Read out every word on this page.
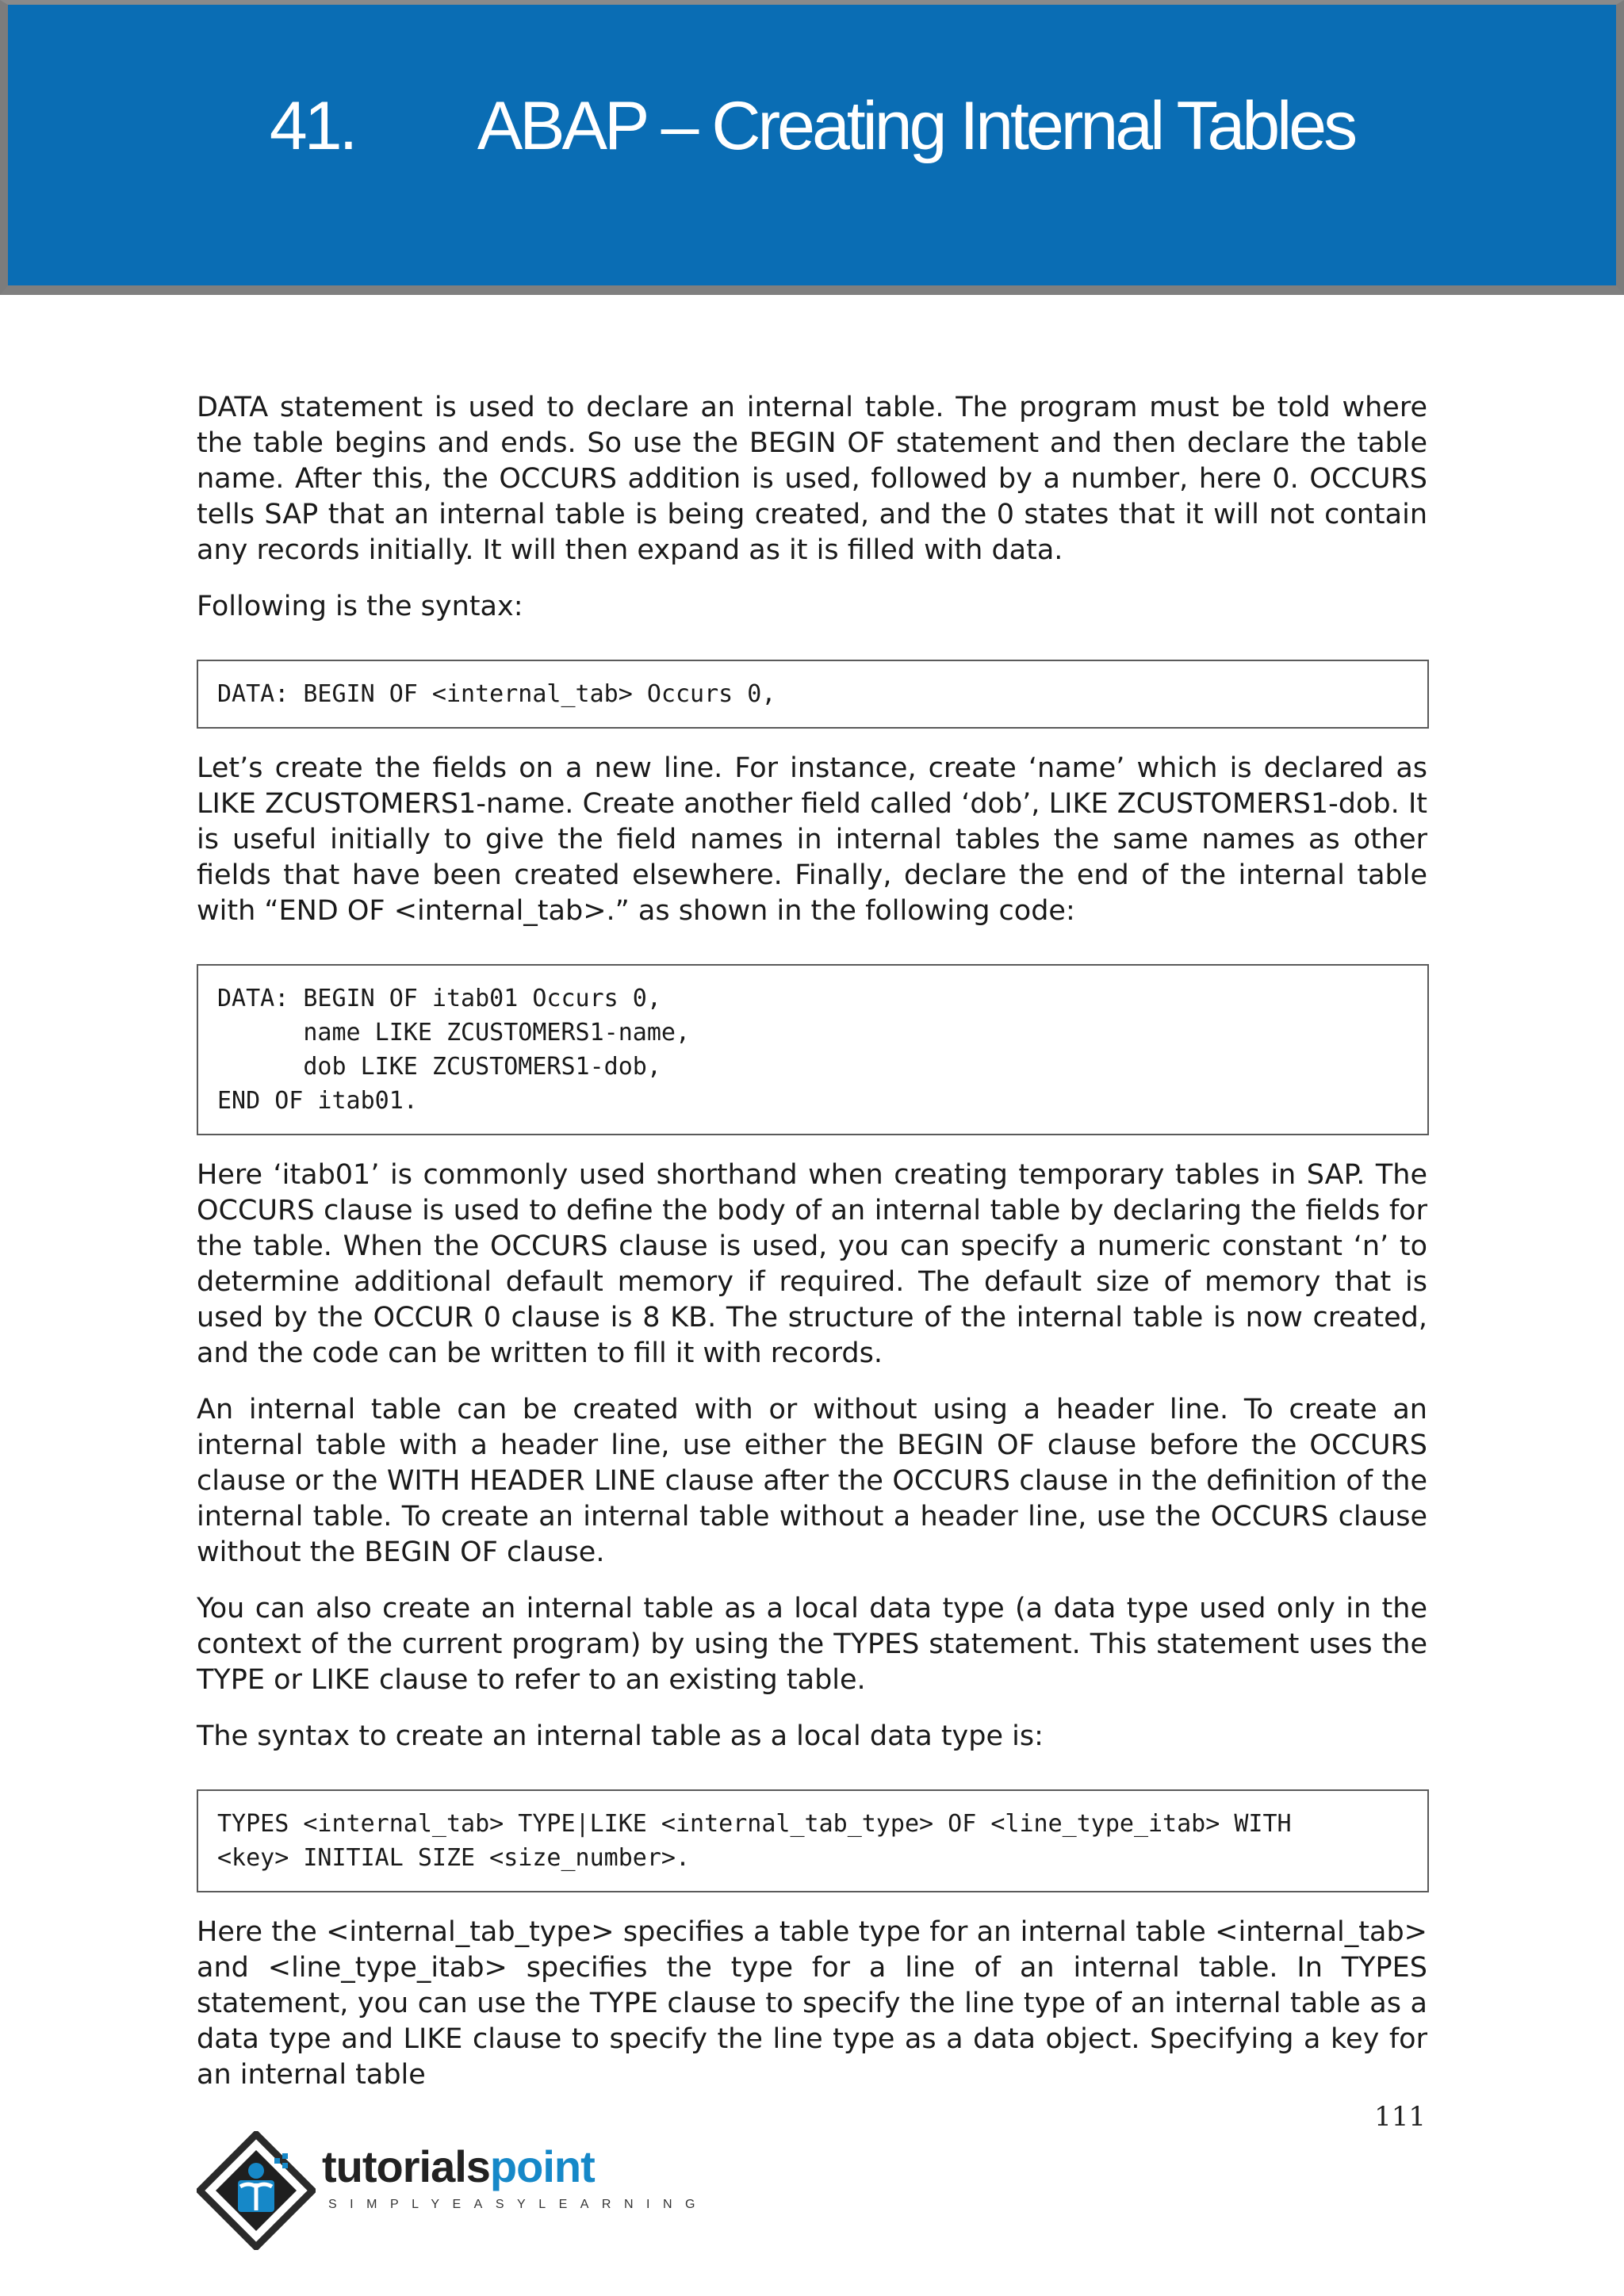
41. ABAP – Creating Internal Tables

DATA statement is used to declare an internal table. The program must be told where the table begins and ends. So use the BEGIN OF statement and then declare the table name. After this, the OCCURS addition is used, followed by a number, here 0. OCCURS tells SAP that an internal table is being created, and the 0 states that it will not contain any records initially. It will then expand as it is filled with data.

Following is the syntax:

DATA: BEGIN OF <internal_tab> Occurs 0,

Let’s create the fields on a new line. For instance, create ‘name’ which is declared as LIKE ZCUSTOMERS1-name. Create another field called ‘dob’, LIKE ZCUSTOMERS1-dob. It is useful initially to give the field names in internal tables the same names as other fields that have been created elsewhere. Finally, declare the end of the internal table with “END OF <internal_tab>.” as shown in the following code:

DATA: BEGIN OF itab01 Occurs 0,
name LIKE ZCUSTOMERS1-name,
dob LIKE ZCUSTOMERS1-dob,
END OF itab01.

Here ‘itab01’ is commonly used shorthand when creating temporary tables in SAP. The OCCURS clause is used to define the body of an internal table by declaring the fields for the table. When the OCCURS clause is used, you can specify a numeric constant ‘n’ to determine additional default memory if required. The default size of memory that is used by the OCCUR 0 clause is 8 KB. The structure of the internal table is now created, and the code can be written to fill it with records.

An internal table can be created with or without using a header line. To create an internal table with a header line, use either the BEGIN OF clause before the OCCURS clause or the WITH HEADER LINE clause after the OCCURS clause in the definition of the internal table. To create an internal table without a header line, use the OCCURS clause without the BEGIN OF clause.

You can also create an internal table as a local data type (a data type used only in the context of the current program) by using the TYPES statement. This statement uses the TYPE or LIKE clause to refer to an existing table.

The syntax to create an internal table as a local data type is:

TYPES <internal_tab> TYPE|LIKE <internal_tab_type> OF <line_type_itab> WITH
<key> INITIAL SIZE <size_number>.

Here the <internal_tab_type> specifies a table type for an internal table <internal_tab> and <line_type_itab> specifies the type for a line of an internal table. In TYPES statement, you can use the TYPE clause to specify the line type of an internal table as a data type and LIKE clause to specify the line type as a data object. Specifying a key for an internal table

111
tutorialspoint
SIMPLYEASYLEARNING
